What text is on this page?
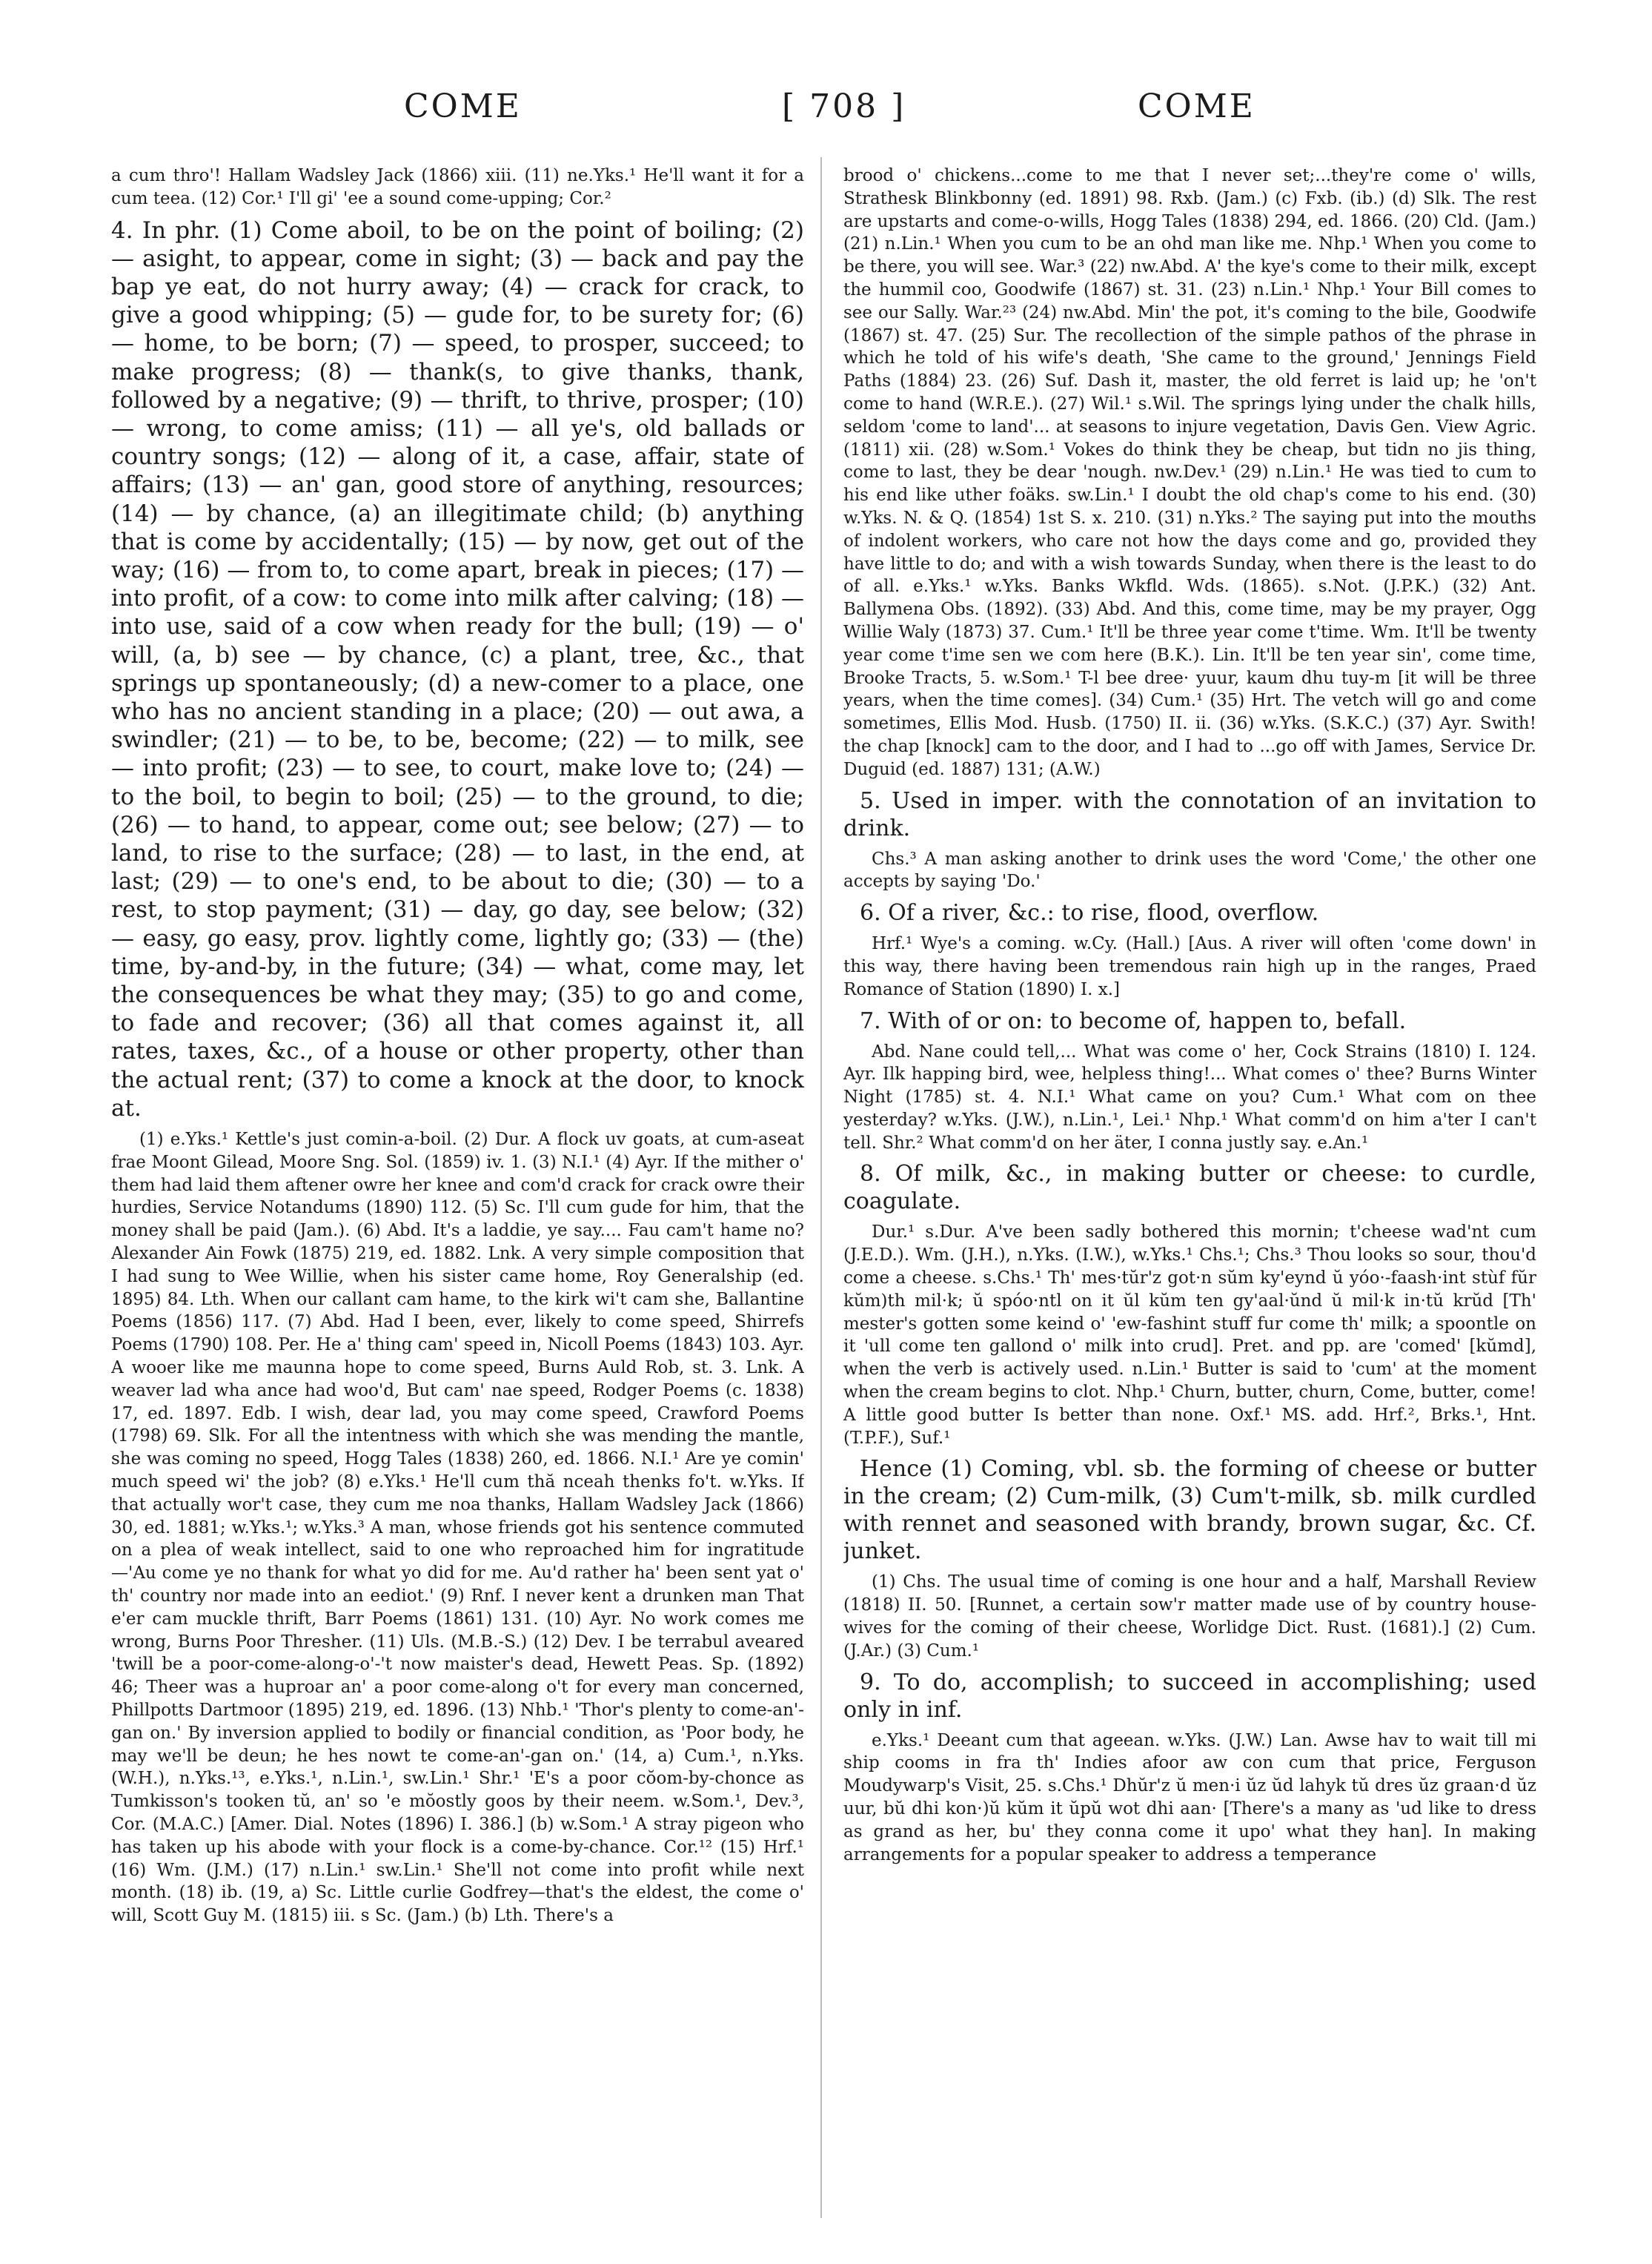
COME	[ 708 ]	COME

a cum thro'! Hallam Wadsley Jack (1866) xiii. (11) ne.Yks.¹ He'll want it for a cum teea. (12) Cor.¹ I'll gi' 'ee a sound come-upping; Cor.²

4. In phr. (1) Come aboil, to be on the point of boiling; (2) — asight, to appear, come in sight; (3) — back and pay the bap ye eat, do not hurry away; (4) — crack for crack, to give a good whipping; (5) — gude for, to be surety for; (6) — home, to be born; (7) — speed, to prosper, succeed; to make progress; (8) — thank(s, to give thanks, thank, followed by a negative; (9) — thrift, to thrive, prosper; (10) — wrong, to come amiss; (11) — all ye's, old ballads or country songs; (12) — along of it, a case, affair, state of affairs; (13) — an' gan, good store of anything, resources; (14) — by chance, (a) an illegitimate child; (b) anything that is come by accidentally; (15) — by now, get out of the way; (16) — from to, to come apart, break in pieces; (17) — into profit, of a cow: to come into milk after calving; (18) — into use, said of a cow when ready for the bull; (19) — o' will, (a, b) see — by chance, (c) a plant, tree, &c., that springs up spontaneously; (d) a new-comer to a place, one who has no ancient standing in a place; (20) — out awa, a swindler; (21) — to be, to be, become; (22) — to milk, see — into profit; (23) — to see, to court, make love to; (24) — to the boil, to begin to boil; (25) — to the ground, to die; (26) — to hand, to appear, come out; see below; (27) — to land, to rise to the surface; (28) — to last, in the end, at last; (29) — to one's end, to be about to die; (30) — to a rest, to stop payment; (31) — day, go day, see below; (32) — easy, go easy, prov. lightly come, lightly go; (33) — (the) time, by-and-by, in the future; (34) — what, come may, let the consequences be what they may; (35) to go and come, to fade and recover; (36) all that comes against it, all rates, taxes, &c., of a house or other property, other than the actual rent; (37) to come a knock at the door, to knock at.

(1) e.Yks.¹ Kettle's just comin-a-boil. (2) Dur. A flock uv goats, at cum-aseat frae Moont Gilead, Moore Sng. Sol. (1859) iv. 1. (3) N.I.¹ (4) Ayr. If the mither o' them had laid them aftener owre her knee and com'd crack for crack owre their hurdies, Service Notandums (1890) 112. (5) Sc. I'll cum gude for him, that the money shall be paid (Jam.). (6) Abd. It's a laddie, ye say.... Fau cam't hame no? Alexander Ain Fowk (1875) 219, ed. 1882. Lnk. A very simple composition that I had sung to Wee Willie, when his sister came home, Roy Generalship (ed. 1895) 84. Lth. When our callant cam hame, to the kirk wi't cam she, Ballantine Poems (1856) 117. (7) Abd. Had I been, ever, likely to come speed, Shirrefs Poems (1790) 108. Per. He a' thing cam' speed in, Nicoll Poems (1843) 103. Ayr. A wooer like me maunna hope to come speed, Burns Auld Rob, st. 3. Lnk. A weaver lad wha ance had woo'd, But cam' nae speed, Rodger Poems (c. 1838) 17, ed. 1897. Edb. I wish, dear lad, you may come speed, Crawford Poems (1798) 69. Slk. For all the intentness with which she was mending the mantle, she was coming no speed, Hogg Tales (1838) 260, ed. 1866. N.I.¹ Are ye comin' much speed wi' the job? (8) e.Yks.¹ He'll cum thă nceah thenks fo't. w.Yks. If that actually wor't case, they cum me noa thanks, Hallam Wadsley Jack (1866) 30, ed. 1881; w.Yks.¹; w.Yks.³ A man, whose friends got his sentence commuted on a plea of weak intellect, said to one who reproached him for ingratitude—'Au come ye no thank for what yo did for me. Au'd rather ha' been sent yat o' th' country nor made into an eediot.' (9) Rnf. I never kent a drunken man That e'er cam muckle thrift, Barr Poems (1861) 131. (10) Ayr. No work comes me wrong, Burns Poor Thresher. (11) Uls. (M.B.-S.) (12) Dev. I be terrabul aveared 'twill be a poor-come-along-o'-'t now maister's dead, Hewett Peas. Sp. (1892) 46; Theer was a huproar an' a poor come-along o't for every man concerned, Phillpotts Dartmoor (1895) 219, ed. 1896. (13) Nhb.¹ 'Thor's plenty to come-an'-gan on.' By inversion applied to bodily or financial condition, as 'Poor body, he may we'll be deun; he hes nowt te come-an'-gan on.' (14, a) Cum.¹, n.Yks. (W.H.), n.Yks.¹³, e.Yks.¹, n.Lin.¹, sw.Lin.¹ Shr.¹ 'E's a poor cŏom-by-chonce as Tumkisson's tooken tŭ, an' so 'e mŏostly goos by their neem. w.Som.¹, Dev.³, Cor. (M.A.C.) [Amer. Dial. Notes (1896) I. 386.] (b) w.Som.¹ A stray pigeon who has taken up his abode with your flock is a come-by-chance. Cor.¹² (15) Hrf.¹ (16) Wm. (J.M.) (17) n.Lin.¹ sw.Lin.¹ She'll not come into profit while next month. (18) ib. (19, a) Sc. Little curlie Godfrey—that's the eldest, the come o' will, Scott Guy M. (1815) iii. s Sc. (Jam.) (b) Lth. There's a

brood o' chickens...come to me that I never set;...they're come o' wills, Strathesk Blinkbonny (ed. 1891) 98. Rxb. (Jam.) (c) Fxb. (ib.) (d) Slk. The rest are upstarts and come-o-wills, Hogg Tales (1838) 294, ed. 1866. (20) Cld. (Jam.) (21) n.Lin.¹ When you cum to be an ohd man like me. Nhp.¹ When you come to be there, you will see. War.³ (22) nw.Abd. A' the kye's come to their milk, except the hummil coo, Goodwife (1867) st. 31. (23) n.Lin.¹ Nhp.¹ Your Bill comes to see our Sally. War.²³ (24) nw.Abd. Min' the pot, it's coming to the bile, Goodwife (1867) st. 47. (25) Sur. The recollection of the simple pathos of the phrase in which he told of his wife's death, 'She came to the ground,' Jennings Field Paths (1884) 23. (26) Suf. Dash it, master, the old ferret is laid up; he 'on't come to hand (W.R.E.). (27) Wil.¹ s.Wil. The springs lying under the chalk hills, seldom 'come to land'... at seasons to injure vegetation, Davis Gen. View Agric. (1811) xii. (28) w.Som.¹ Vokes do think they be cheap, but tidn no jis thing, come to last, they be dear 'nough. nw.Dev.¹ (29) n.Lin.¹ He was tied to cum to his end like uther foäks. sw.Lin.¹ I doubt the old chap's come to his end. (30) w.Yks. N. & Q. (1854) 1st S. x. 210. (31) n.Yks.² The saying put into the mouths of indolent workers, who care not how the days come and go, provided they have little to do; and with a wish towards Sunday, when there is the least to do of all. e.Yks.¹ w.Yks. Banks Wkfld. Wds. (1865). s.Not. (J.P.K.) (32) Ant. Ballymena Obs. (1892). (33) Abd. And this, come time, may be my prayer, Ogg Willie Waly (1873) 37. Cum.¹ It'll be three year come t'time. Wm. It'll be twenty year come t'ime sen we com here (B.K.). Lin. It'll be ten year sin', come time, Brooke Tracts, 5. w.Som.¹ T-l bee dree· yuur, kaum dhu tuy-m [it will be three years, when the time comes]. (34) Cum.¹ (35) Hrt. The vetch will go and come sometimes, Ellis Mod. Husb. (1750) II. ii. (36) w.Yks. (S.K.C.) (37) Ayr. Swith! the chap [knock] cam to the door, and I had to ...go off with James, Service Dr. Duguid (ed. 1887) 131; (A.W.)

5. Used in imper. with the connotation of an invitation to drink.

Chs.³ A man asking another to drink uses the word 'Come,' the other one accepts by saying 'Do.'

6. Of a river, &c.: to rise, flood, overflow.

Hrf.¹ Wye's a coming. w.Cy. (Hall.) [Aus. A river will often 'come down' in this way, there having been tremendous rain high up in the ranges, Praed Romance of Station (1890) I. x.]

7. With of or on: to become of, happen to, befall.

Abd. Nane could tell,... What was come o' her, Cock Strains (1810) I. 124. Ayr. Ilk happing bird, wee, helpless thing!... What comes o' thee? Burns Winter Night (1785) st. 4. N.I.¹ What came on you? Cum.¹ What com on thee yesterday? w.Yks. (J.W.), n.Lin.¹, Lei.¹ Nhp.¹ What comm'd on him a'ter I can't tell. Shr.² What comm'd on her äter, I conna justly say. e.An.¹

8. Of milk, &c., in making butter or cheese: to curdle, coagulate.

Dur.¹ s.Dur. A've been sadly bothered this mornin; t'cheese wad'nt cum (J.E.D.). Wm. (J.H.), n.Yks. (I.W.), w.Yks.¹ Chs.¹; Chs.³ Thou looks so sour, thou'd come a cheese. s.Chs.¹ Th' mes·tŭr'z got·n sŭm ky'eynd ŭ yóo·-faash·int stùf fŭr kŭm)th mil·k; ŭ spóo·ntl on it ŭl kŭm ten gy'aal·ŭnd ŭ mil·k in·tŭ krŭd [Th' mester's gotten some keind o' 'ew-fashint stuff fur come th' milk; a spoontle on it 'ull come ten gallond o' milk into crud]. Pret. and pp. are 'comed' [kŭmd], when the verb is actively used. n.Lin.¹ Butter is said to 'cum' at the moment when the cream begins to clot. Nhp.¹ Churn, butter, churn, Come, butter, come! A little good butter Is better than none. Oxf.¹ MS. add. Hrf.², Brks.¹, Hnt. (T.P.F.), Suf.¹

Hence (1) Coming, vbl. sb. the forming of cheese or butter in the cream; (2) Cum-milk, (3) Cum't-milk, sb. milk curdled with rennet and seasoned with brandy, brown sugar, &c. Cf. junket.

(1) Chs. The usual time of coming is one hour and a half, Marshall Review (1818) II. 50. [Runnet, a certain sow'r matter made use of by country house-wives for the coming of their cheese, Worlidge Dict. Rust. (1681).] (2) Cum. (J.Ar.) (3) Cum.¹

9. To do, accomplish; to succeed in accomplishing; used only in inf.

e.Yks.¹ Deeant cum that ageean. w.Yks. (J.W.) Lan. Awse hav to wait till mi ship cooms in fra th' Indies afoor aw con cum that price, Ferguson Moudywarp's Visit, 25. s.Chs.¹ Dhŭr'z ŭ men·i ŭz ŭd lahyk tŭ dres ŭz graan·d ŭz uur, bŭ dhi kon·)ŭ kŭm it ŭpŭ wot dhi aan· [There's a many as 'ud like to dress as grand as her, bu' they conna come it upo' what they han]. In making arrangements for a popular speaker to address a temperance
